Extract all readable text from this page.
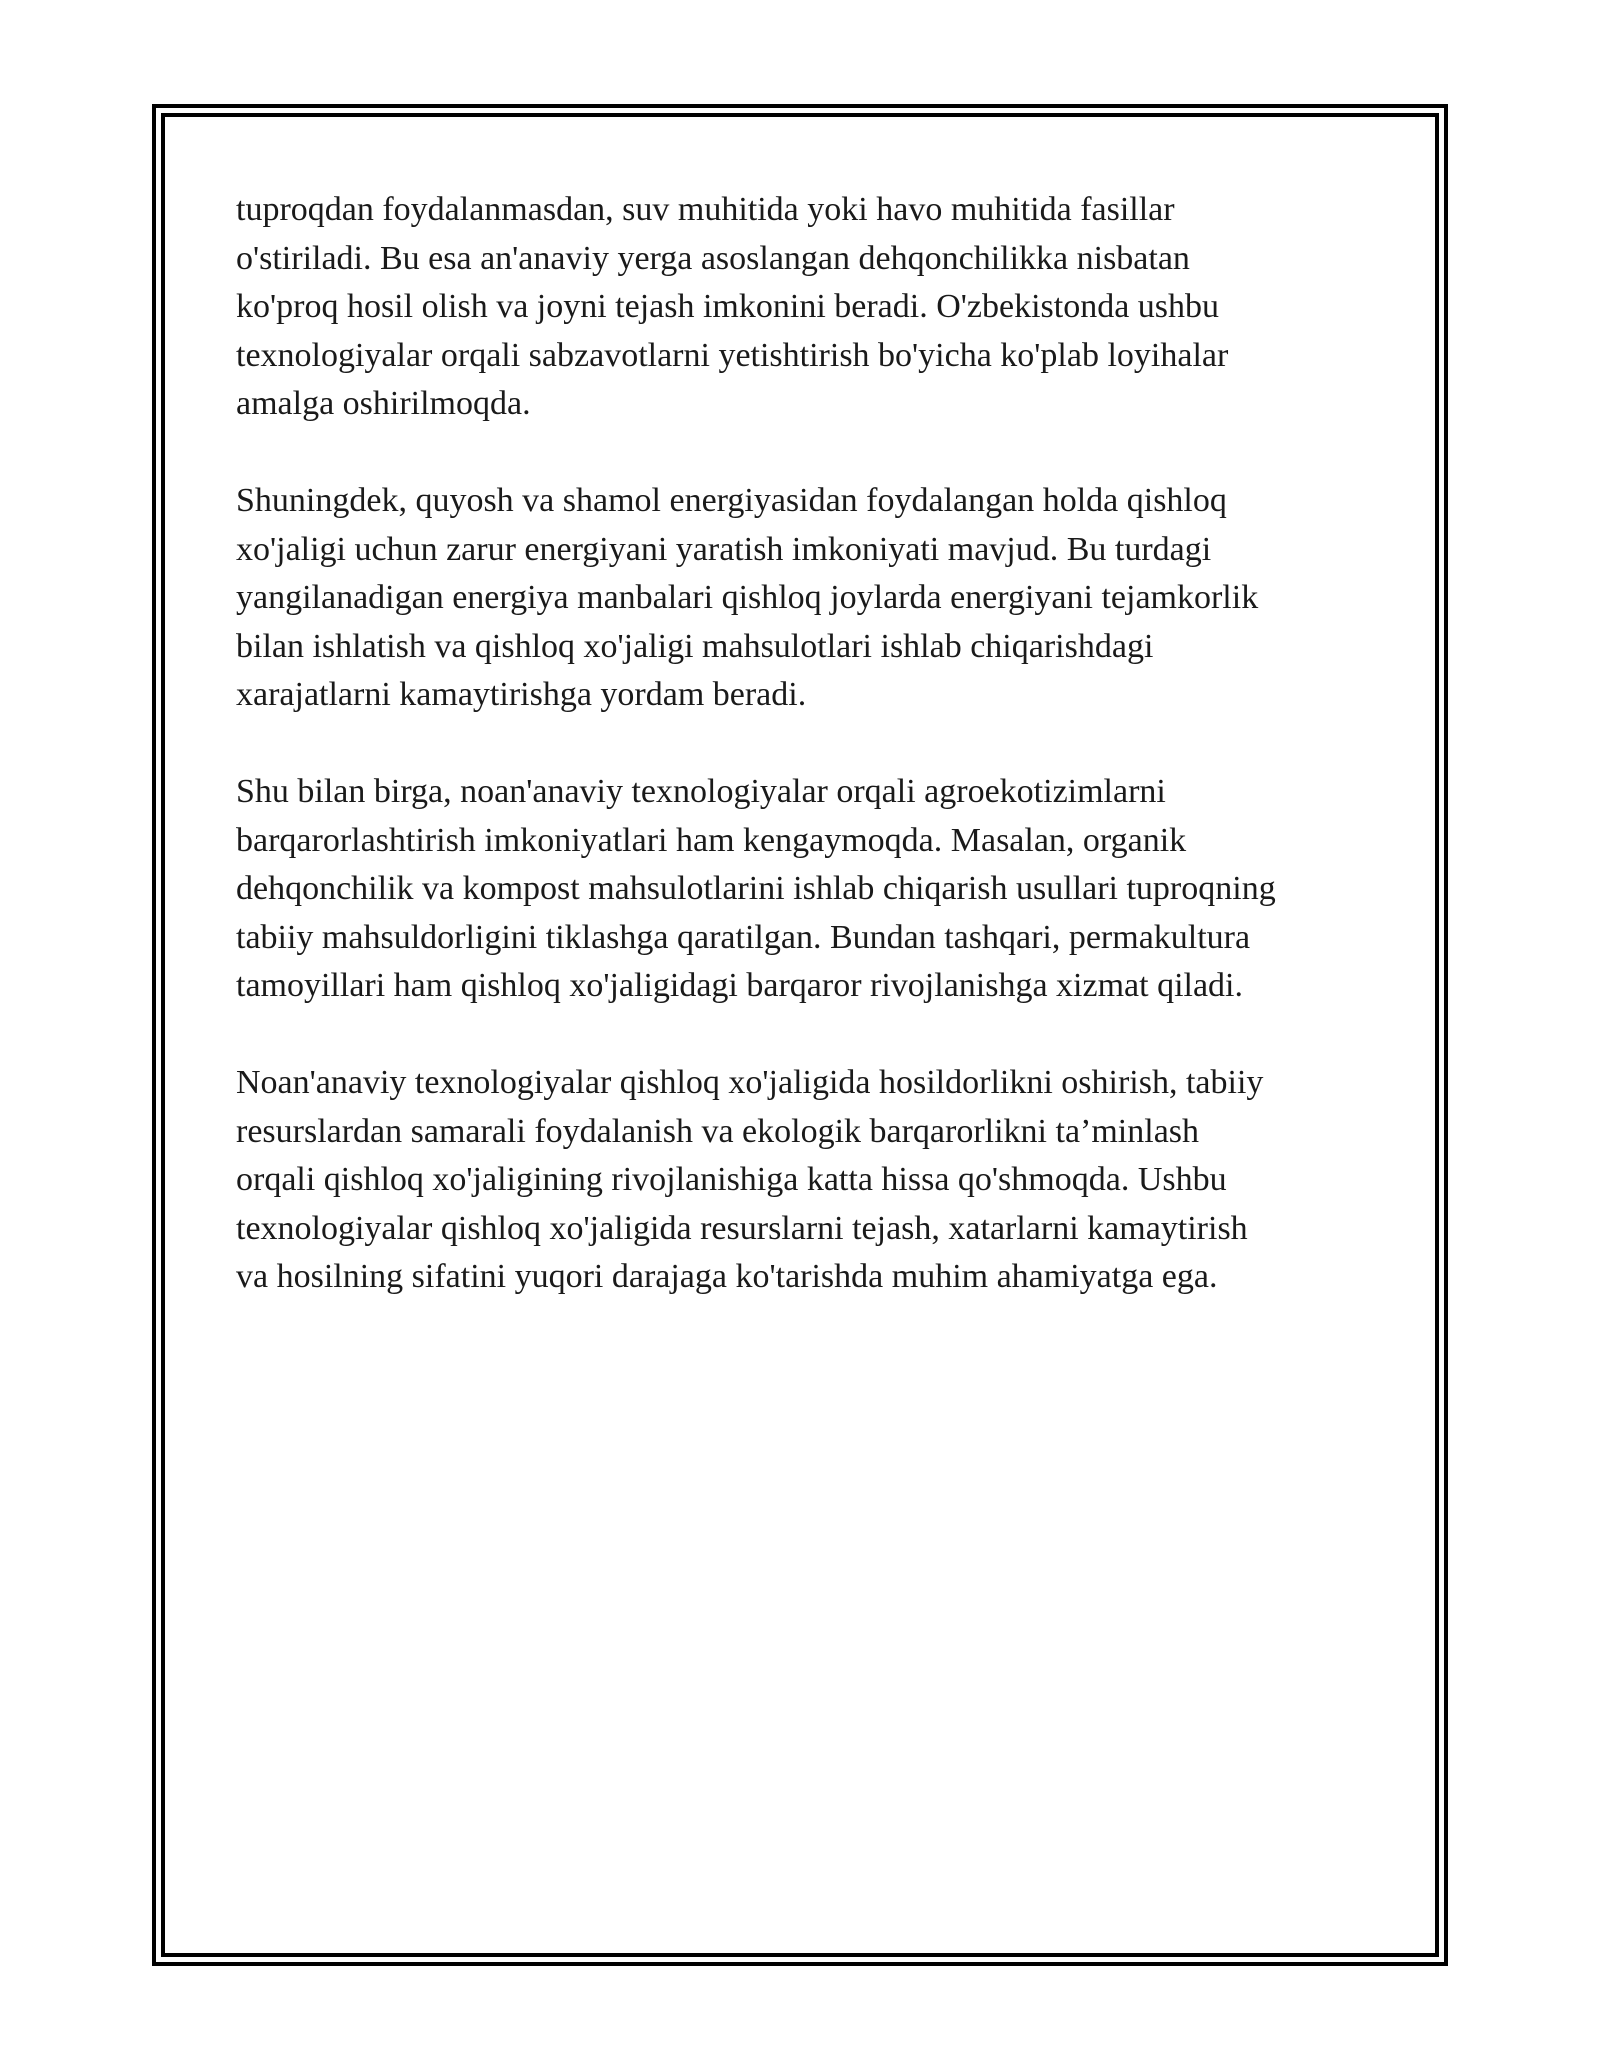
tuproqdan foydalanmasdan, suv muhitida yoki havo muhitida fasillar
o'stiriladi. Bu esa an'anaviy yerga asoslangan dehqonchilikka nisbatan
ko'proq hosil olish va joyni tejash imkonini beradi. O'zbekistonda ushbu
texnologiyalar orqali sabzavotlarni yetishtirish bo'yicha ko'plab loyihalar
amalga oshirilmoqda.

Shuningdek, quyosh va shamol energiyasidan foydalangan holda qishloq
xo'jaligi uchun zarur energiyani yaratish imkoniyati mavjud. Bu turdagi
yangilanadigan energiya manbalari qishloq joylarda energiyani tejamkorlik
bilan ishlatish va qishloq xo'jaligi mahsulotlari ishlab chiqarishdagi
xarajatlarni kamaytirishga yordam beradi.

Shu bilan birga, noan'anaviy texnologiyalar orqali agroekotizimlarni
barqarorlashtirish imkoniyatlari ham kengaymoqda. Masalan, organik
dehqonchilik va kompost mahsulotlarini ishlab chiqarish usullari tuproqning
tabiiy mahsuldorligini tiklashga qaratilgan. Bundan tashqari, permakultura
tamoyillari ham qishloq xo'jaligidagi barqaror rivojlanishga xizmat qiladi.

Noan'anaviy texnologiyalar qishloq xo'jaligida hosildorlikni oshirish, tabiiy
resurslardan samarali foydalanish va ekologik barqarorlikni ta’minlash
orqali qishloq xo'jaligining rivojlanishiga katta hissa qo'shmoqda. Ushbu
texnologiyalar qishloq xo'jaligida resurslarni tejash, xatarlarni kamaytirish
va hosilning sifatini yuqori darajaga ko'tarishda muhim ahamiyatga ega.
